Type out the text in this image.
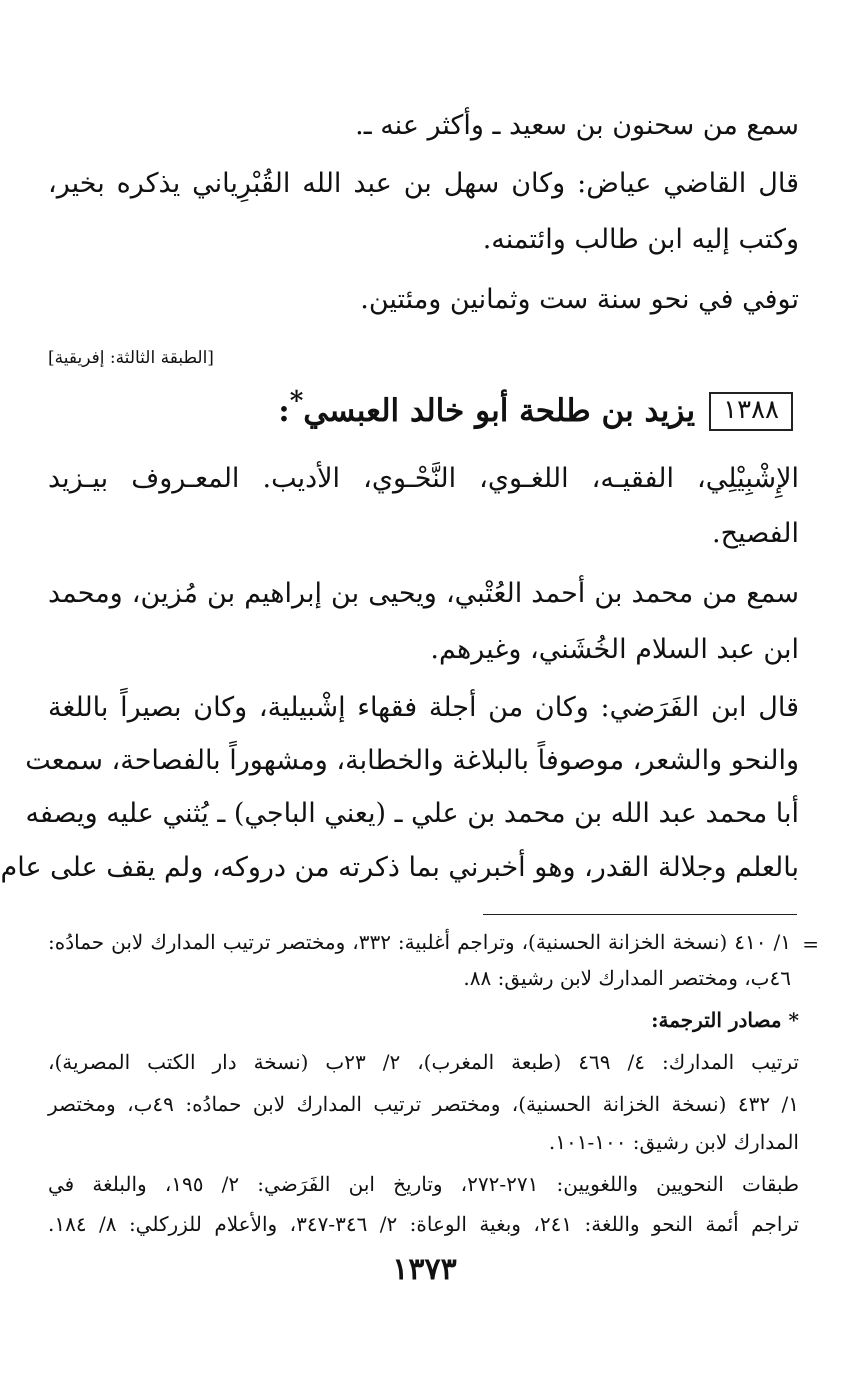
سمع من سحنون بن سعيد ـ وأكثر عنه ـ.
قال القاضي عياض: وكان سهل بن عبد الله القُبْرِياني يذكره بخير،
وكتب إليه ابن طالب وائتمنه.
توفي في نحو سنة ست وثمانين ومئتين.
[الطبقة الثالثة: إفريقية]
١٣٨٨
يزيد بن طلحة أبو خالد العبسي*:
الإِشْبِيْلِي، الفقيـه، اللغـوي، النَّحْـوي، الأديب. المعـروف بيـزيد
الفصيح.
سمع من محمد بن أحمد العُتْبي، ويحيى بن إبراهيم بن مُزين، ومحمد
ابن عبد السلام الخُشَني، وغيرهم.
قال ابن الفَرَضي: وكان من أجلة فقهاء إشْبيلية، وكان بصيراً باللغة
والنحو والشعر، موصوفاً بالبلاغة والخطابة، ومشهوراً بالفصاحة، سمعت
أبا محمد عبد الله بن محمد بن علي ـ (يعني الباجي) ـ يُثني عليه ويصفه
بالعلم وجلالة القدر، وهو أخبرني بما ذكرته من دروكه، ولم يقف على عام
=
١/ ٤١٠ (نسخة الخزانة الحسنية)، وتراجم أغلبية: ٣٣٢، ومختصر ترتيب المدارك لابن حمادُه:
٤٦ب، ومختصر المدارك لابن رشيق: ٨٨.
* مصادر الترجمة:
ترتيب المدارك: ٤/ ٤٦٩ (طبعة المغرب)، ٢/ ٢٣ب (نسخة دار الكتب المصرية)،
١/ ٤٣٢ (نسخة الخزانة الحسنية)، ومختصر ترتيب المدارك لابن حمادُه: ٤٩ب، ومختصر
المدارك لابن رشيق: ١٠٠-١٠١.
طبقات النحويين واللغويين: ٢٧١-٢٧٢، وتاريخ ابن الفَرَضي: ٢/ ١٩٥، والبلغة في
تراجم أئمة النحو واللغة: ٢٤١، وبغية الوعاة: ٢/ ٣٤٦-٣٤٧، والأعلام للزركلي: ٨/ ١٨٤.
١٣٧٣
